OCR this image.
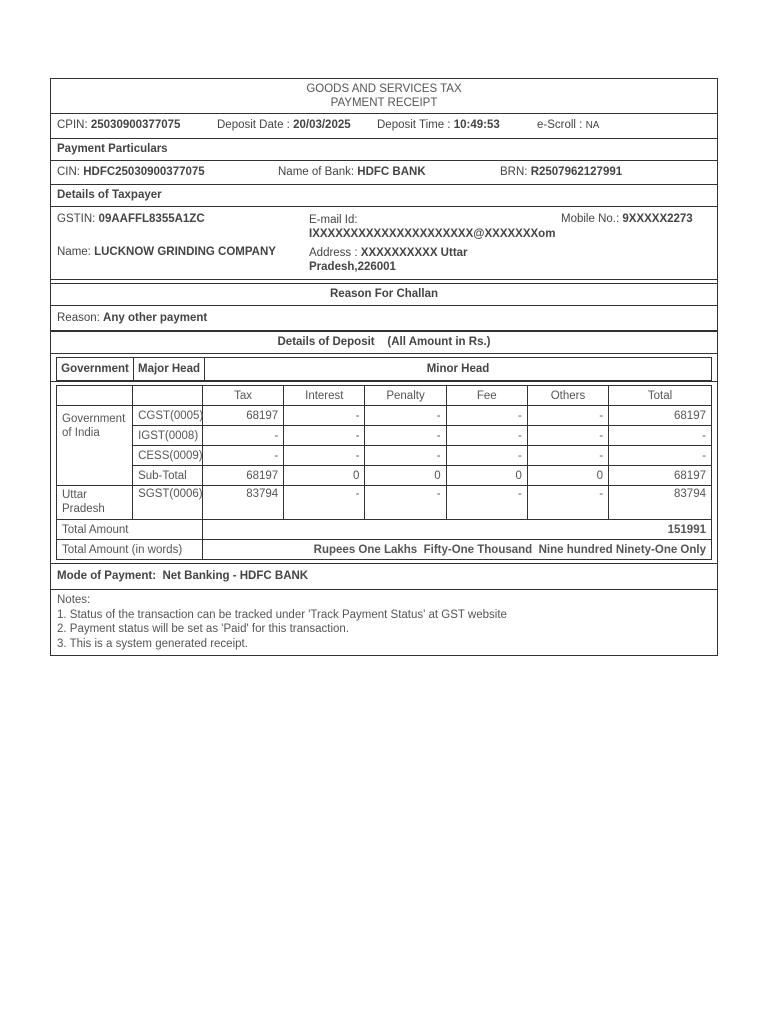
GOODS AND SERVICES TAX
PAYMENT RECEIPT
CPIN: 25030900377075	Deposit Date : 20/03/2025 Deposit Time : 10:49:53	e-Scroll : NA
Payment Particulars
CIN: HDFC25030900377075	Name of Bank: HDFC BANK	BRN: R2507962127991
Details of Taxpayer
GSTIN: 09AAFFL8355A1ZC	E-mail Id:
IXXXXXXXXXXXXXXXXXXXXX@XXXXXXXom
Mobile No.: 9XXXXX2273
Name: LUCKNOW GRINDING COMPANY	Address : XXXXXXXXXX Uttar
Pradesh,226001
Reason For Challan
Reason: Any other payment
Details of Deposit (All Amount in Rs.)
Government	Major Head	Minor Head
		Tax	Interest	Penalty	Fee	Others	Total
Government of India	CGST(0005)	68197	-	-	-	-	68197
	IGST(0008)	-	-	-	-	-	-
	CESS(0009)	-	-	-	-	-	-
	Sub-Total	68197	0	0	0	0	68197
Uttar Pradesh	SGST(0006)	83794	-	-	-	-	83794
Total Amount		151991					
Total Amount (in words)		Rupees One Lakhs  Fifty-One Thousand  Nine hundred Ninety-One Only					
Mode of Payment: Net Banking - HDFC BANK
Notes:
1. Status of the transaction can be tracked under 'Track Payment Status' at GST website
2. Payment status will be set as 'Paid' for this transaction.
3. This is a system generated receipt.
